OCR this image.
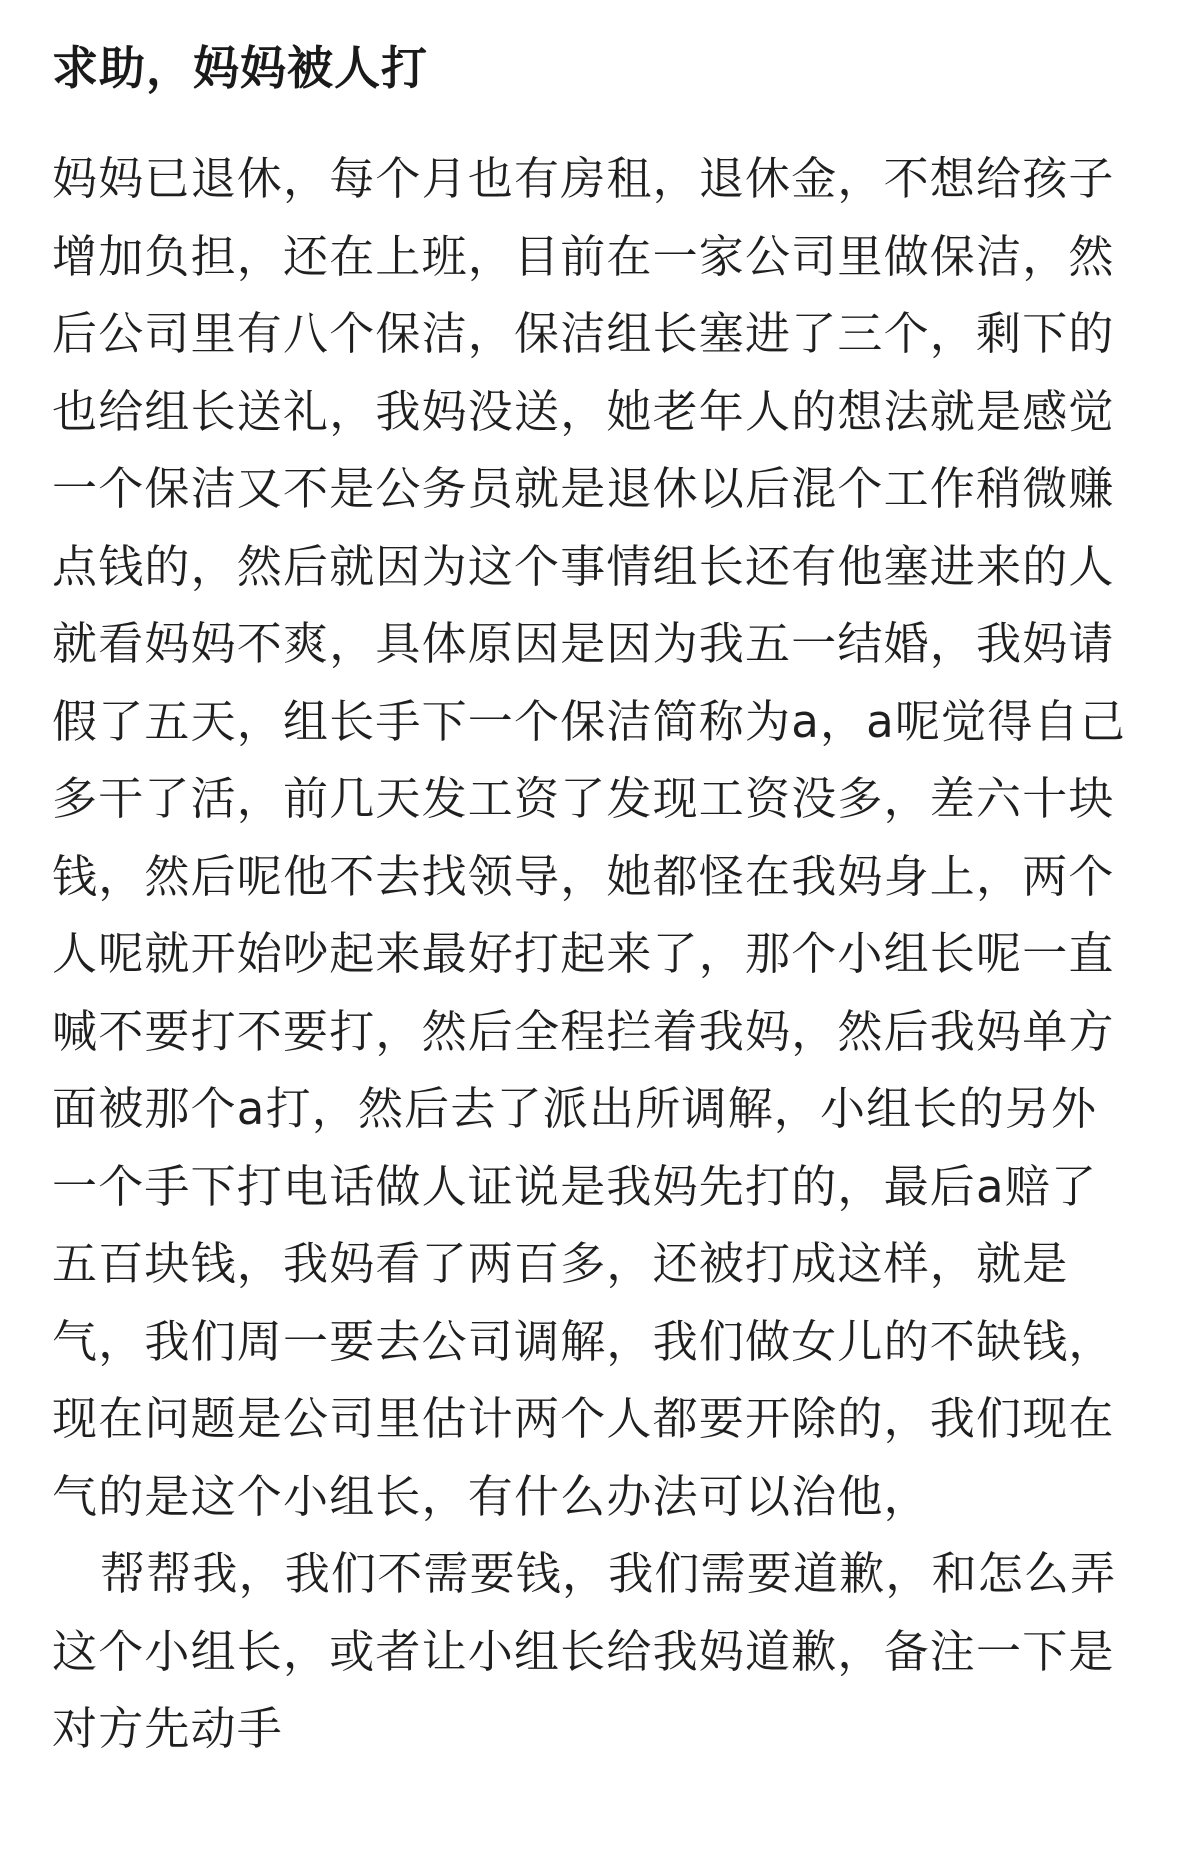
求助，妈妈被人打

妈妈已退休，每个月也有房租，退休金，不想给孩子增加负担，还在上班，目前在一家公司里做保洁，然后公司里有八个保洁，保洁组长塞进了三个，剩下的也给组长送礼，我妈没送，她老年人的想法就是感觉一个保洁又不是公务员就是退休以后混个工作稍微赚点钱的，然后就因为这个事情组长还有他塞进来的人就看妈妈不爽，具体原因是因为我五一结婚，我妈请假了五天，组长手下一个保洁简称为a，a呢觉得自己多干了活，前几天发工资了发现工资没多，差六十块钱，然后呢他不去找领导，她都怪在我妈身上，两个人呢就开始吵起来最好打起来了，那个小组长呢一直喊不要打不要打，然后全程拦着我妈，然后我妈单方面被那个a打，然后去了派出所调解，小组长的另外一个手下打电话做人证说是我妈先打的，最后a赔了五百块钱，我妈看了两百多，还被打成这样，就是气，我们周一要去公司调解，我们做女儿的不缺钱，现在问题是公司里估计两个人都要开除的，我们现在气的是这个小组长，有什么办法可以治他，

帮帮我，我们不需要钱，我们需要道歉，和怎么弄这个小组长，或者让小组长给我妈道歉，备注一下是对方先动手
